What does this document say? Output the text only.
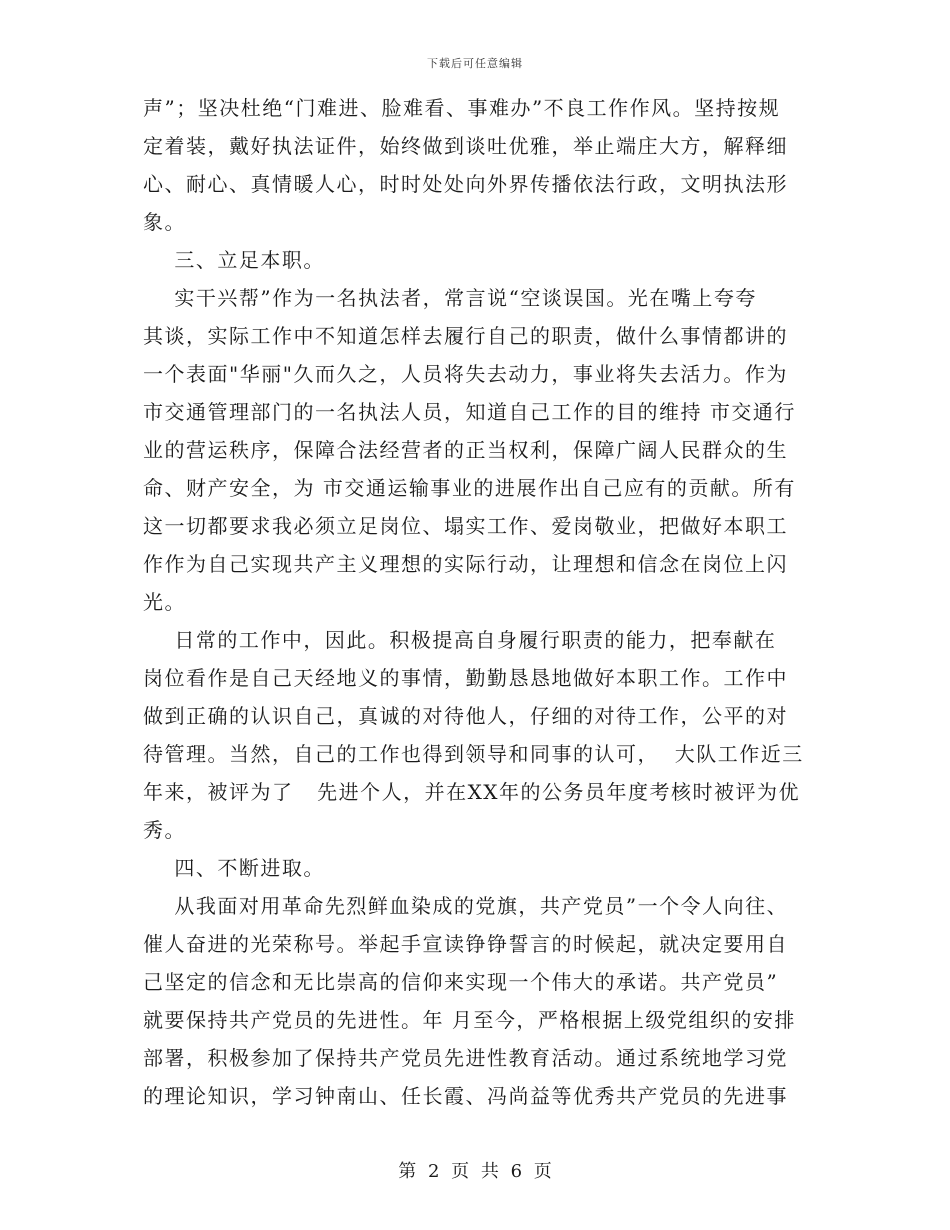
下载后可任意编辑
声”；坚决杜绝“门难进、脸难看、事难办”不良工作作风。坚持按规
定着装，戴好执法证件，始终做到谈吐优雅，举止端庄大方，解释细
心、耐心、真情暖人心，时时处处向外界传播依法行政，文明执法形
象。
三、立足本职。
实干兴帮”作为一名执法者，常言说“空谈误国。光在嘴上夸夸
其谈，实际工作中不知道怎样去履行自己的职责，做什么事情都讲的
一个表面"华丽"久而久之，人员将失去动力，事业将失去活力。作为
市交通管理部门的一名执法人员，知道自己工作的目的维持 市交通行
业的营运秩序，保障合法经营者的正当权利，保障广阔人民群众的生
命、财产安全，为 市交通运输事业的进展作出自己应有的贡献。所有
这一切都要求我必须立足岗位、塌实工作、爱岗敬业，把做好本职工
作作为自己实现共产主义理想的实际行动，让理想和信念在岗位上闪
光。
日常的工作中，因此。积极提高自身履行职责的能力，把奉献在
岗位看作是自己天经地义的事情，勤勤恳恳地做好本职工作。工作中
做到正确的认识自己，真诚的对待他人，仔细的对待工作，公平的对
待管理。当然，自己的工作也得到领导和同事的认可，  大队工作近三
年来，被评为了   先进个人，并在XX年的公务员年度考核时被评为优
秀。
四、不断进取。
从我面对用革命先烈鲜血染成的党旗，共产党员”一个令人向往、
催人奋进的光荣称号。举起手宣读铮铮誓言的时候起，就决定要用自
己坚定的信念和无比崇高的信仰来实现一个伟大的承诺。共产党员”
就要保持共产党员的先进性。年 月至今，严格根据上级党组织的安排
部署，积极参加了保持共产党员先进性教育活动。通过系统地学习党
的理论知识，学习钟南山、任长霞、冯尚益等优秀共产党员的先进事
第 2 页 共 6 页
